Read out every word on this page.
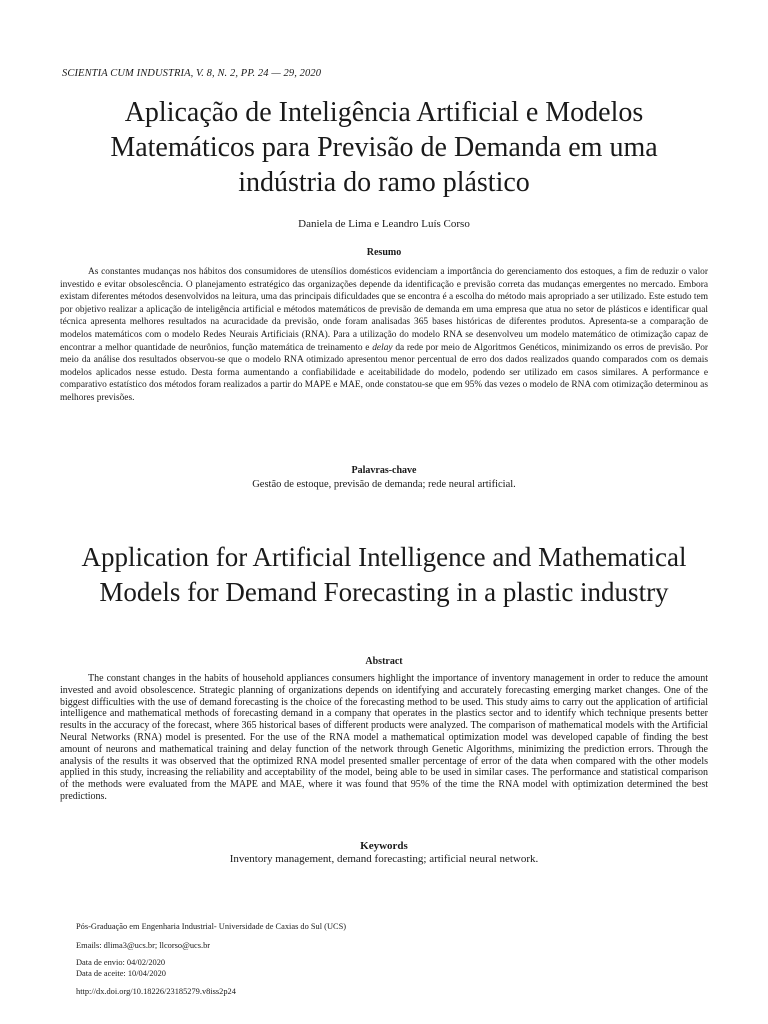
SCIENTIA CUM INDUSTRIA, V. 8, N. 2, PP. 24 — 29, 2020
Aplicação de Inteligência Artificial e Modelos Matemáticos para Previsão de Demanda em uma indústria do ramo plástico
Daniela de Lima e Leandro Luís Corso
Resumo

As constantes mudanças nos hábitos dos consumidores de utensílios domésticos evidenciam a importância do gerenciamento dos estoques, a fim de reduzir o valor investido e evitar obsolescência. O planejamento estratégico das organizações depende da identificação e previsão correta das mudanças emergentes no mercado. Embora existam diferentes métodos desenvolvidos na leitura, uma das principais dificuldades que se encontra é a escolha do método mais apropriado a ser utilizado. Este estudo tem por objetivo realizar a aplicação de inteligência artificial e métodos matemáticos de previsão de demanda em uma empresa que atua no setor de plásticos e identificar qual técnica apresenta melhores resultados na acuracidade da previsão, onde foram analisadas 365 bases históricas de diferentes produtos. Apresenta-se a comparação de modelos matemáticos com o modelo Redes Neurais Artificiais (RNA). Para a utilização do modelo RNA se desenvolveu um modelo matemático de otimização capaz de encontrar a melhor quantidade de neurônios, função matemática de treinamento e delay da rede por meio de Algoritmos Genéticos, minimizando os erros de previsão. Por meio da análise dos resultados observou-se que o modelo RNA otimizado apresentou menor percentual de erro dos dados realizados quando comparados com os demais modelos aplicados nesse estudo. Desta forma aumentando a confiabilidade e aceitabilidade do modelo, podendo ser utilizado em casos similares. A performance e comparativo estatístico dos métodos foram realizados a partir do MAPE e MAE, onde constatou-se que em 95% das vezes o modelo de RNA com otimização determinou as melhores previsões.

Palavras-chave
Gestão de estoque, previsão de demanda; rede neural artificial.
Application for Artificial Intelligence and Mathematical Models for Demand Forecasting in a plastic industry
Abstract

The constant changes in the habits of household appliances consumers highlight the importance of inventory management in order to reduce the amount invested and avoid obsolescence. Strategic planning of organizations depends on identifying and accurately forecasting emerging market changes. One of the biggest difficulties with the use of demand forecasting is the choice of the forecasting method to be used. This study aims to carry out the application of artificial intelligence and mathematical methods of forecasting demand in a company that operates in the plastics sector and to identify which technique presents better results in the accuracy of the forecast, where 365 historical bases of different products were analyzed. The comparison of mathematical models with the Artificial Neural Networks (RNA) model is presented. For the use of the RNA model a mathematical optimization model was developed capable of finding the best amount of neurons and mathematical training and delay function of the network through Genetic Algorithms, minimizing the prediction errors. Through the analysis of the results it was observed that the optimized RNA model presented smaller percentage of error of the data when compared with the other models applied in this study, increasing the reliability and acceptability of the model, being able to be used in similar cases. The performance and statistical comparison of the methods were evaluated from the MAPE and MAE, where it was found that 95% of the time the RNA model with optimization determined the best predictions.

Keywords
Inventory management, demand forecasting; artificial neural network.
Pós-Graduação em Engenharia Industrial- Universidade de Caxias do Sul (UCS)
Emails: dlima3@ucs.br; llcorso@ucs.br
Data de envio: 04/02/2020
Data de aceite: 10/04/2020
http://dx.doi.org/10.18226/23185279.v8iss2p24
